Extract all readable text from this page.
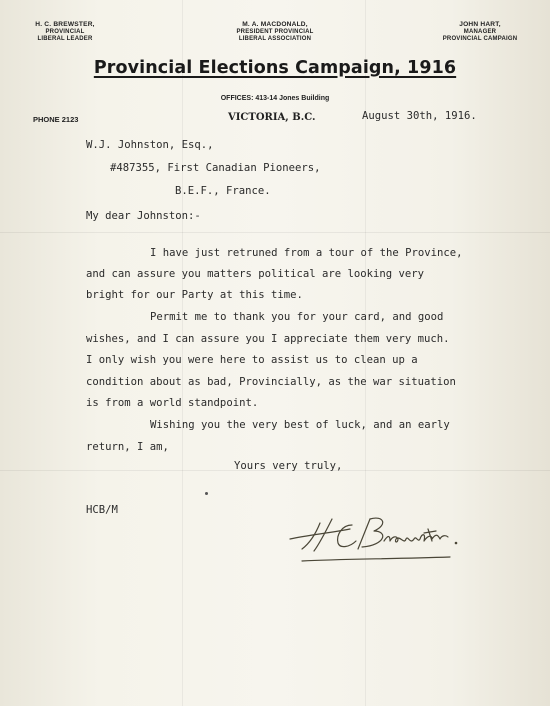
H. C. BREWSTER,
PROVINCIAL
LIBERAL LEADER
M. A. MACDONALD,
PRESIDENT PROVINCIAL
LIBERAL ASSOCIATION
JOHN HART,
MANAGER
PROVINCIAL CAMPAIGN
Provincial Elections Campaign, 1916
OFFICES: 413-14 Jones Building
PHONE 2123	VICTORIA, B.C.	August 30th, 1916.
W.J. Johnston, Esq.,
#487355, First Canadian Pioneers,
B.E.F., France.
My dear Johnston:-
I have just retruned from a tour of the Province,
and can assure you matters political are looking very
bright for our Party at this time.
Permit me to thank you for your card, and good
wishes, and I can assure you I appreciate them very much.
I only wish you were here to assist us to clean up a
condition about as bad, Provincially, as the war situation
is from a world standpoint.
Wishing you the very best of luck, and an early
return, I am,
Yours very truly,
HCB/M
